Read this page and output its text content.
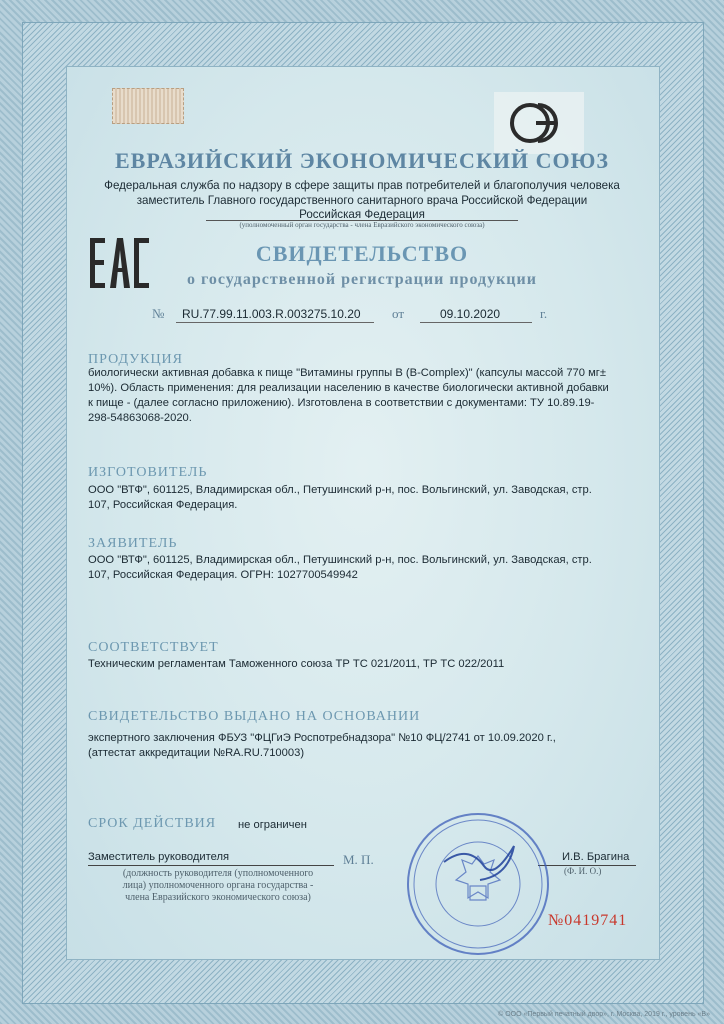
ЕВРАЗИЙСКИЙ ЭКОНОМИЧЕСКИЙ СОЮЗ
Федеральная служба по надзору в сфере защиты прав потребителей и благополучия человека
заместитель Главного государственного санитарного врача Российской Федерации
Российская Федерация
(уполномоченный орган государства - члена Евразийского экономического союза)
СВИДЕТЕЛЬСТВО
о государственной регистрации продукции
№ RU.77.99.11.003.R.003275.10.20 от	09.10.2020	г.
ПРОДУКЦИЯ
биологически активная добавка к пище "Витамины группы В (B-Complex)" (капсулы массой 770 мг±
10%). Область применения: для реализации населению в качестве биологически активной добавки
к пище - (далее согласно приложению). Изготовлена в соответствии с документами: ТУ 10.89.19-
298-54863068-2020.
ИЗГОТОВИТЕЛЬ
ООО "ВТФ", 601125, Владимирская обл., Петушинский р-н, пос. Вольгинский, ул. Заводская, стр.
107, Российская Федерация.
ЗАЯВИТЕЛЬ
ООО "ВТФ", 601125, Владимирская обл., Петушинский р-н, пос. Вольгинский, ул. Заводская, стр.
107, Российская Федерация. ОГРН: 1027700549942
СООТВЕТСТВУЕТ
Техническим регламентам Таможенного союза ТР ТС 021/2011, ТР ТС 022/2011
СВИДЕТЕЛЬСТВО ВЫДАНО НА ОСНОВАНИИ
экспертного заключения ФБУЗ "ФЦГиЭ Роспотребнадзора" №10 ФЦ/2741 от 10.09.2020 г.,
(аттестат аккредитации №RA.RU.710003)
СРОК ДЕЙСТВИЯ не ограничен
Заместитель руководителя	М. П.	И.В. Брагина
(Ф. И. О.)
(должность руководителя (уполномоченного
лица) уполномоченного органа государства -
члена Евразийского экономического союза)
№0419741
© ООО «Первый печатный двор», г. Москва, 2019 г., уровень «В»
